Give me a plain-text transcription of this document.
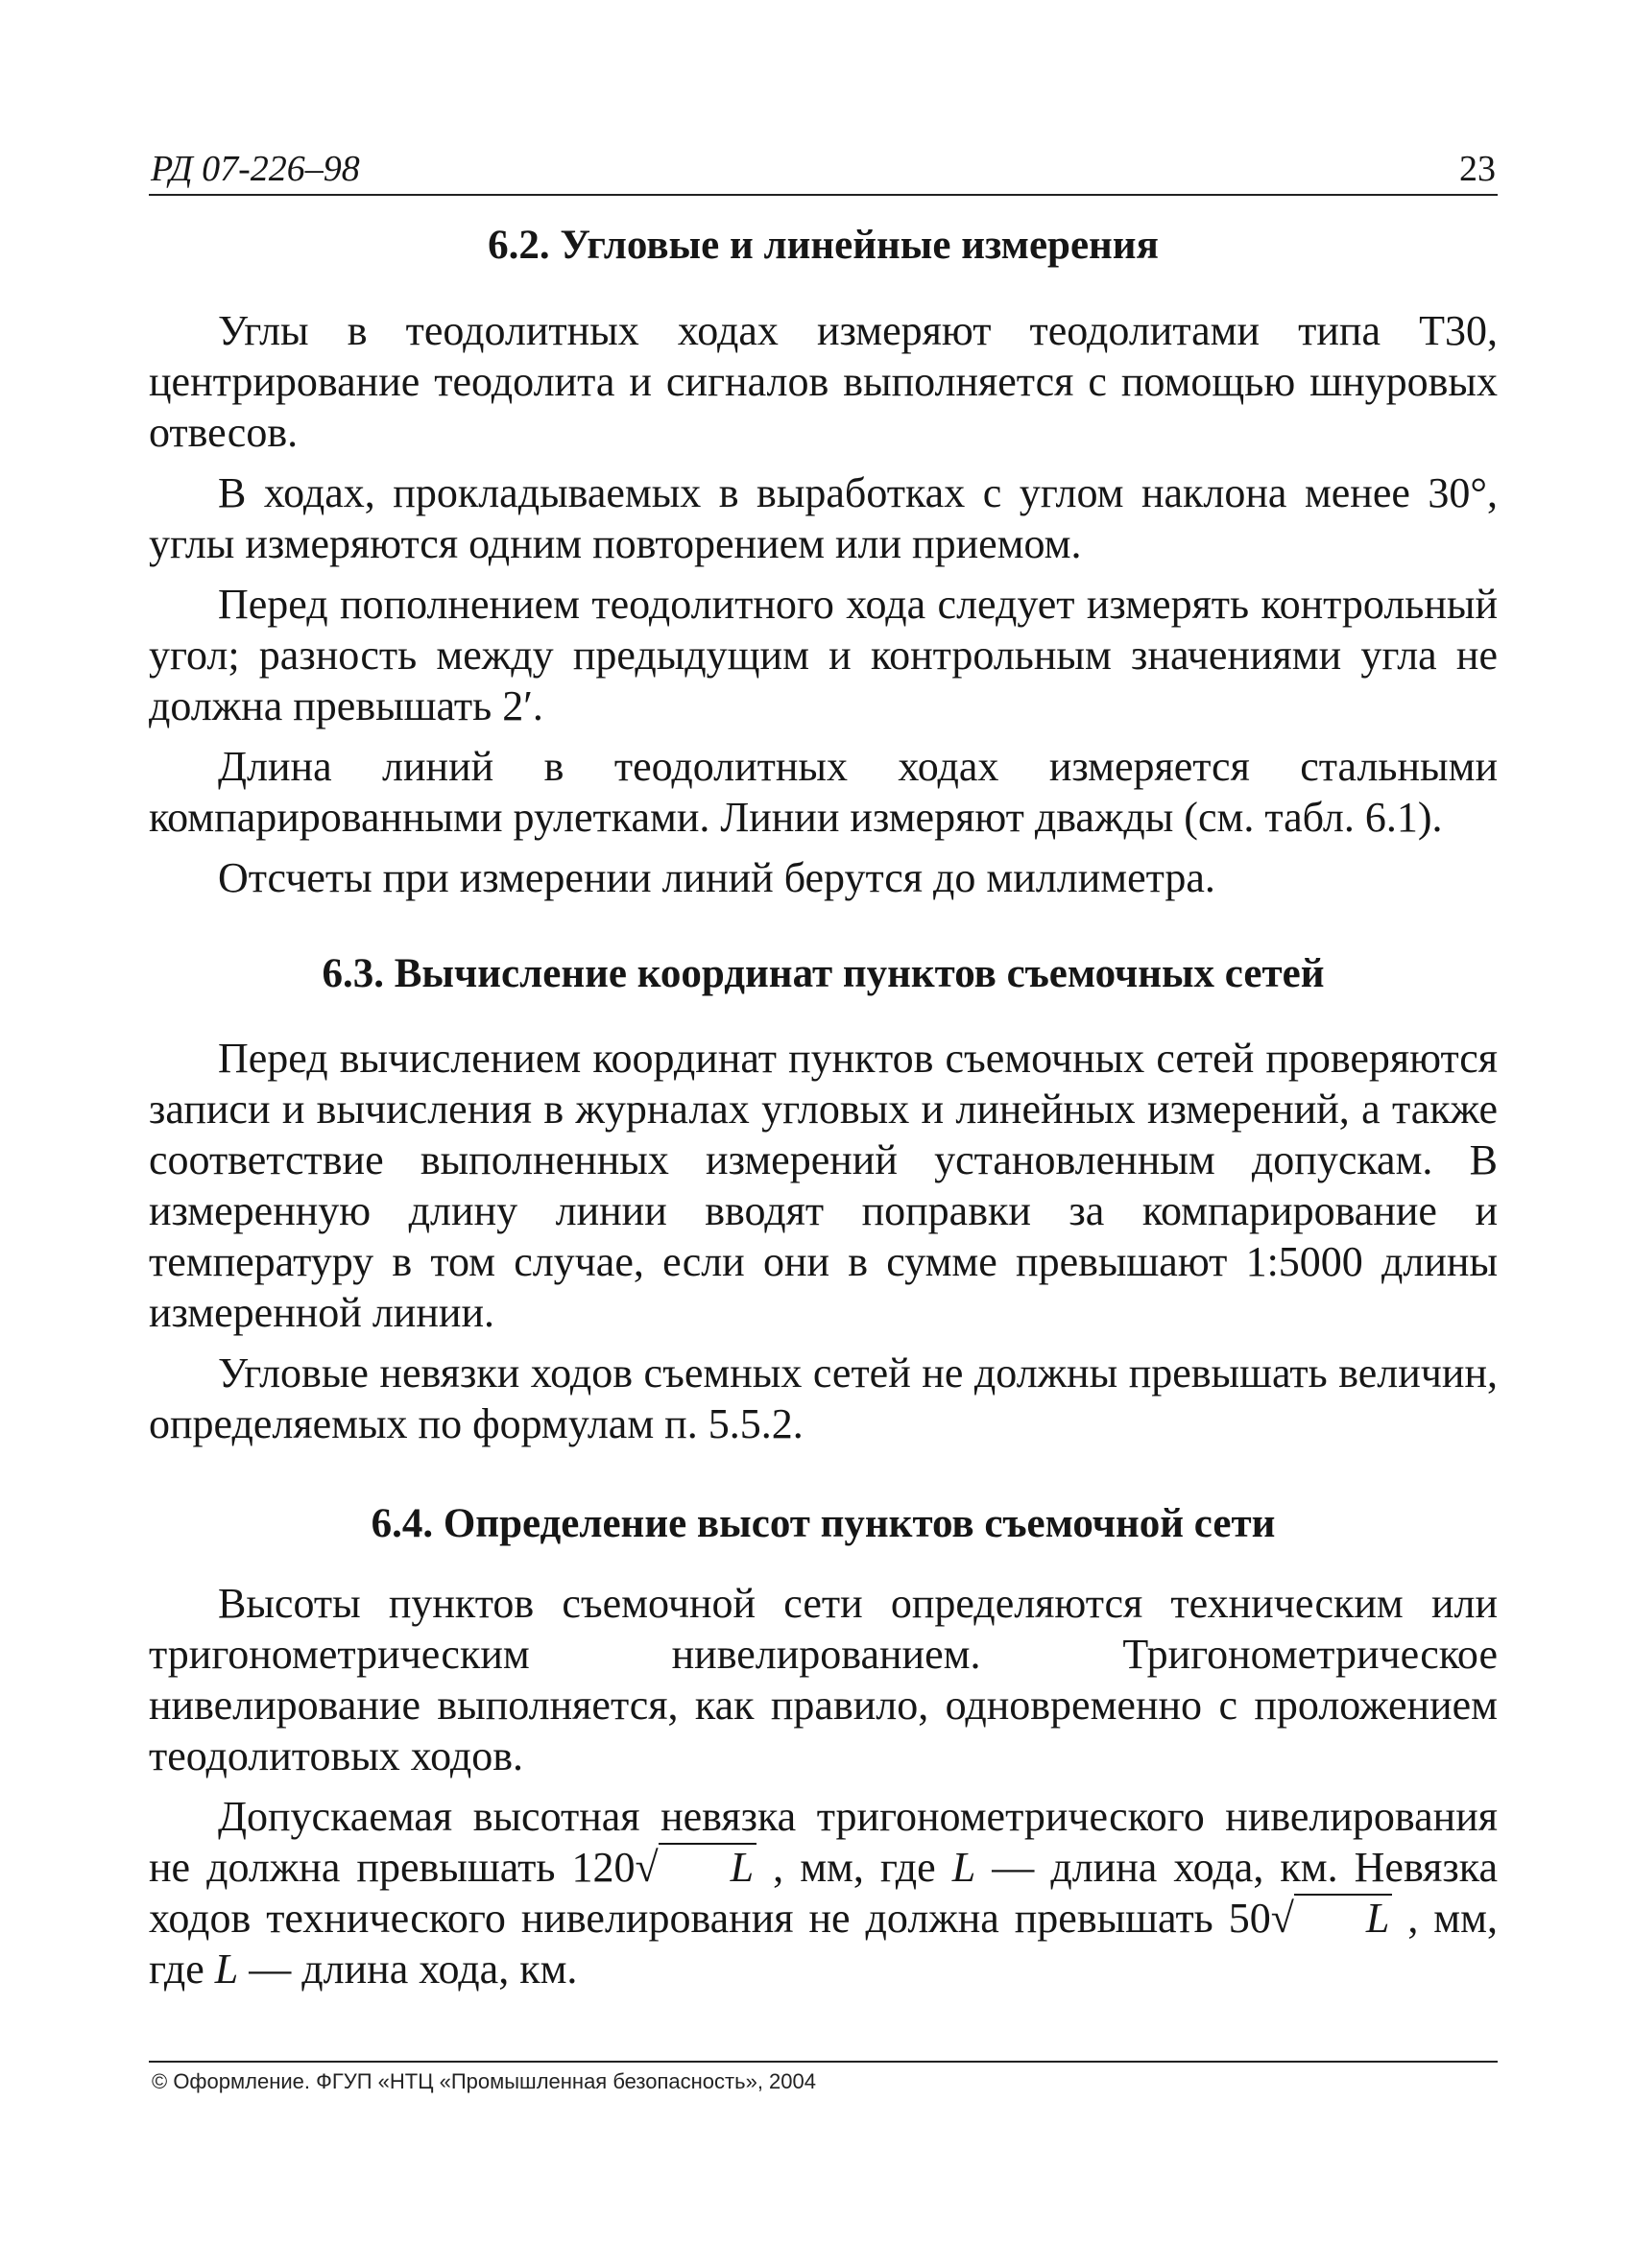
РД 07-226–98	23
6.2. Угловые и линейные измерения

Углы в теодолитных ходах измеряют теодолитами типа Т30, центрирование теодолита и сигналов выполняется с помощью шнуровых отвесов.

В ходах, прокладываемых в выработках с углом наклона менее 30°, углы измеряются одним повторением или приемом.

Перед пополнением теодолитного хода следует измерять контрольный угол; разность между предыдущим и контрольным значениями угла не должна превышать 2′.

Длина линий в теодолитных ходах измеряется стальными компарированными рулетками. Линии измеряют дважды (см. табл. 6.1).

Отсчеты при измерении линий берутся до миллиметра.

6.3. Вычисление координат пунктов съемочных сетей

Перед вычислением координат пунктов съемочных сетей проверяются записи и вычисления в журналах угловых и линейных измерений, а также соответствие выполненных измерений установленным допускам. В измеренную длину линии вводят поправки за компарирование и температуру в том случае, если они в сумме превышают 1:5000 длины измеренной линии.

Угловые невязки ходов съемных сетей не должны превышать величин, определяемых по формулам п. 5.5.2.

6.4. Определение высот пунктов съемочной сети

Высоты пунктов съемочной сети определяются техническим или тригонометрическим нивелированием. Тригонометрическое нивелирование выполняется, как правило, одновременно с проложением теодолитовых ходов.

Допускаемая высотная невязка тригонометрического нивелирования не должна превышать 120√ L , мм, где L — длина хода, км. Невязка ходов технического нивелирования не должна превышать 50√ L , мм, где L — длина хода, км.

© Оформление. ФГУП «НТЦ «Промышленная безопасность», 2004
